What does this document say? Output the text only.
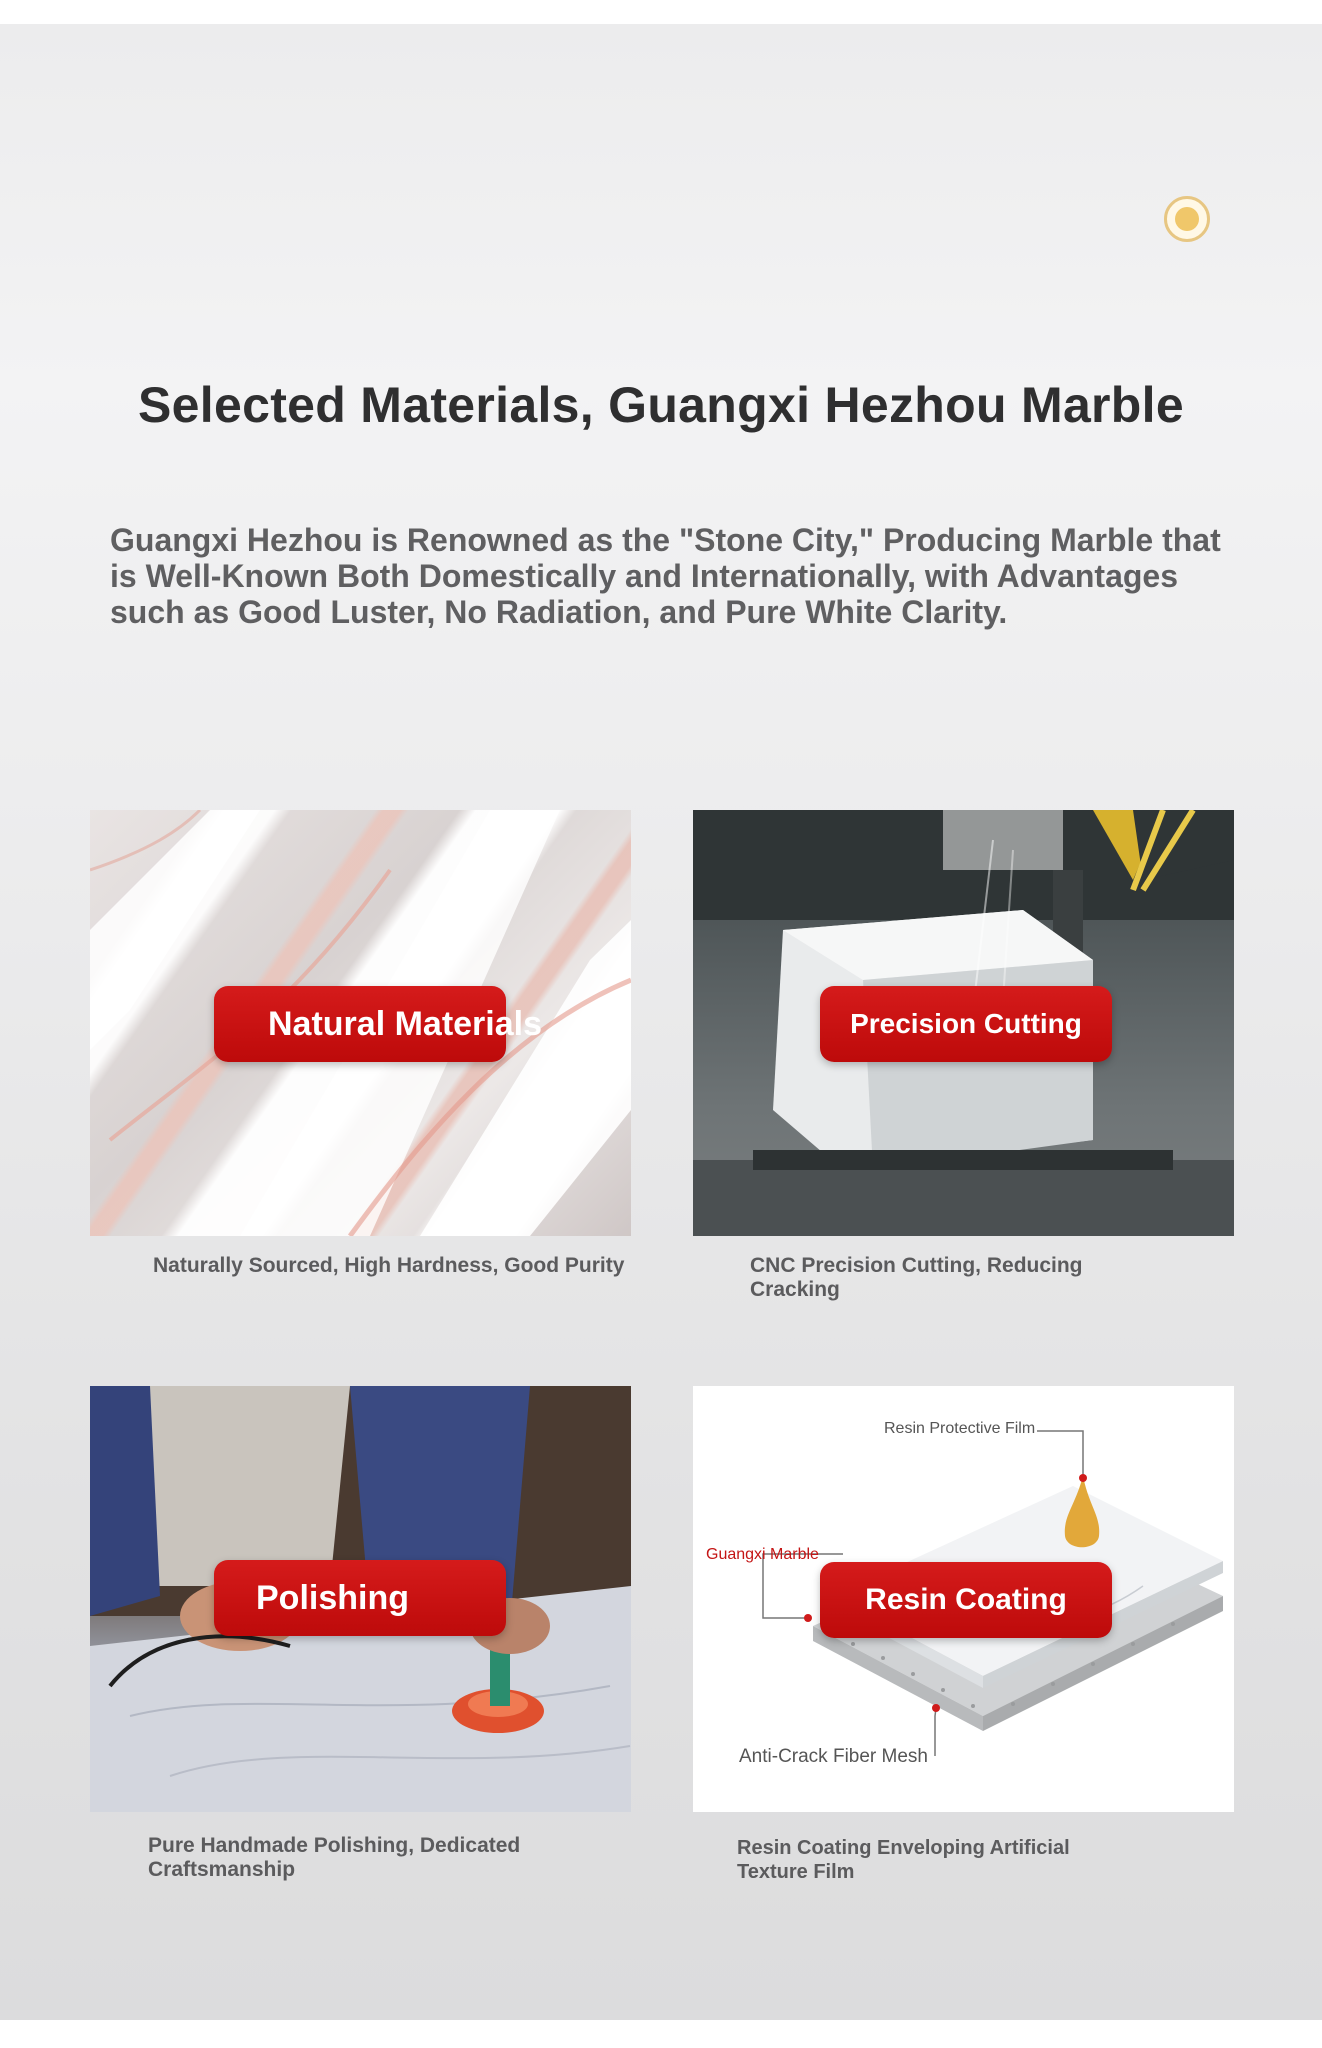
Selected Materials, Guangxi Hezhou Marble
Guangxi Hezhou is Renowned as the "Stone City," Producing Marble that is Well-Known Both Domestically and Internationally, with Advantages such as Good Luster, No Radiation, and Pure White Clarity.
Natural Materials
Naturally Sourced, High Hardness, Good Purity
Precision Cutting
CNC Precision Cutting, Reducing Cracking
Polishing
Pure Handmade Polishing, Dedicated Craftsmanship
Resin Protective Film
Guangxi Marble
Anti-Crack Fiber Mesh
Resin Coating
Resin Coating Enveloping Artificial Texture Film
